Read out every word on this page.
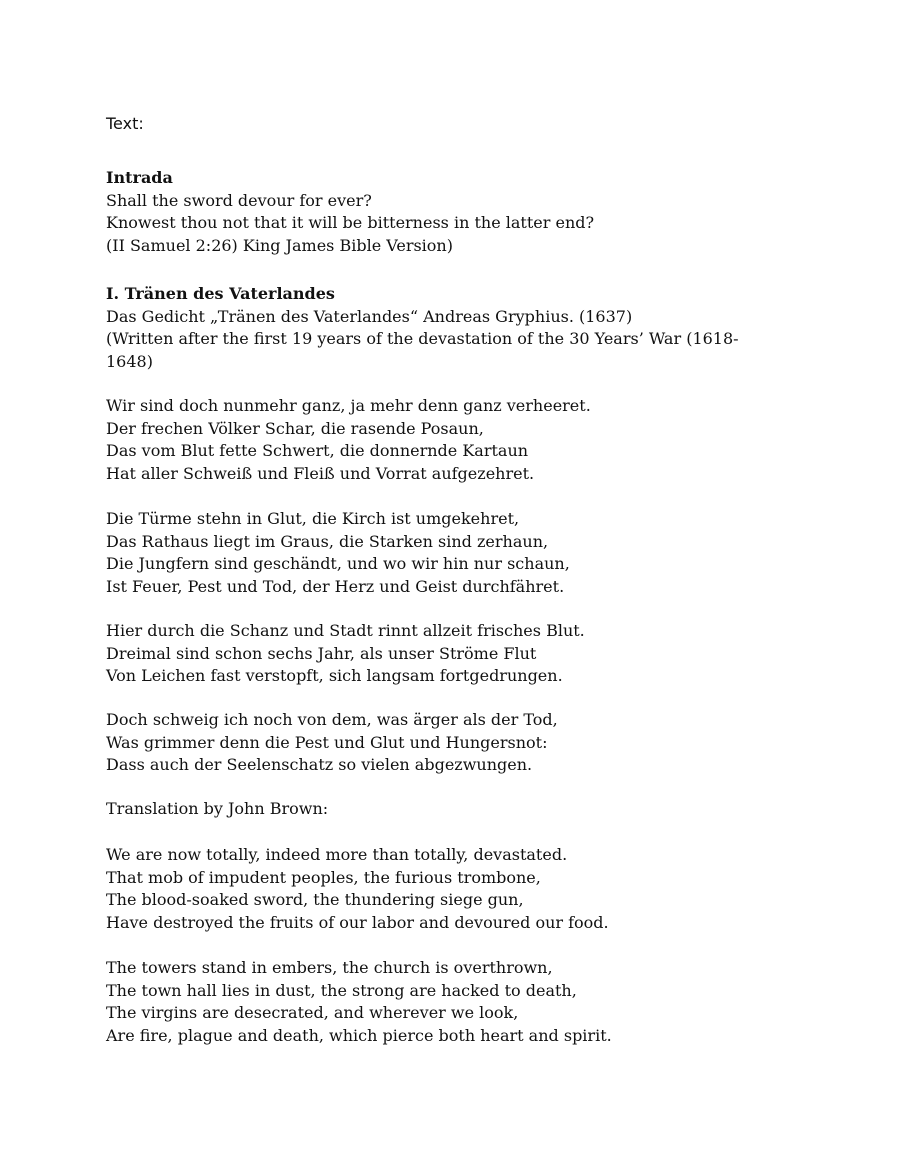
Text:

Intrada
Shall the sword devour for ever?
Knowest thou not that it will be bitterness in the latter end?
(II Samuel 2:26) King James Bible Version)
I. Tränen des Vaterlandes
Das Gedicht „Tränen des Vaterlandes“ Andreas Gryphius. (1637)
(Written after the first 19 years of the devastation of the 30 Years’ War (1618-
1648)
Wir sind doch nunmehr ganz, ja mehr denn ganz verheeret.
Der frechen Völker Schar, die rasende Posaun,
Das vom Blut fette Schwert, die donnernde Kartaun
Hat aller Schweiß und Fleiß und Vorrat aufgezehret.
Die Türme stehn in Glut, die Kirch ist umgekehret,
Das Rathaus liegt im Graus, die Starken sind zerhaun,
Die Jungfern sind geschändt, und wo wir hin nur schaun,
Ist Feuer, Pest und Tod, der Herz und Geist durchfähret.
Hier durch die Schanz und Stadt rinnt allzeit frisches Blut.
Dreimal sind schon sechs Jahr, als unser Ströme Flut
Von Leichen fast verstopft, sich langsam fortgedrungen.
Doch schweig ich noch von dem, was ärger als der Tod,
Was grimmer denn die Pest und Glut und Hungersnot:
Dass auch der Seelenschatz so vielen abgezwungen.
Translation by John Brown:
We are now totally, indeed more than totally, devastated.
That mob of impudent peoples, the furious trombone,
The blood-soaked sword, the thundering siege gun,
Have destroyed the fruits of our labor and devoured our food.
The towers stand in embers, the church is overthrown,
The town hall lies in dust, the strong are hacked to death,
The virgins are desecrated, and wherever we look,
Are fire, plague and death, which pierce both heart and spirit.
